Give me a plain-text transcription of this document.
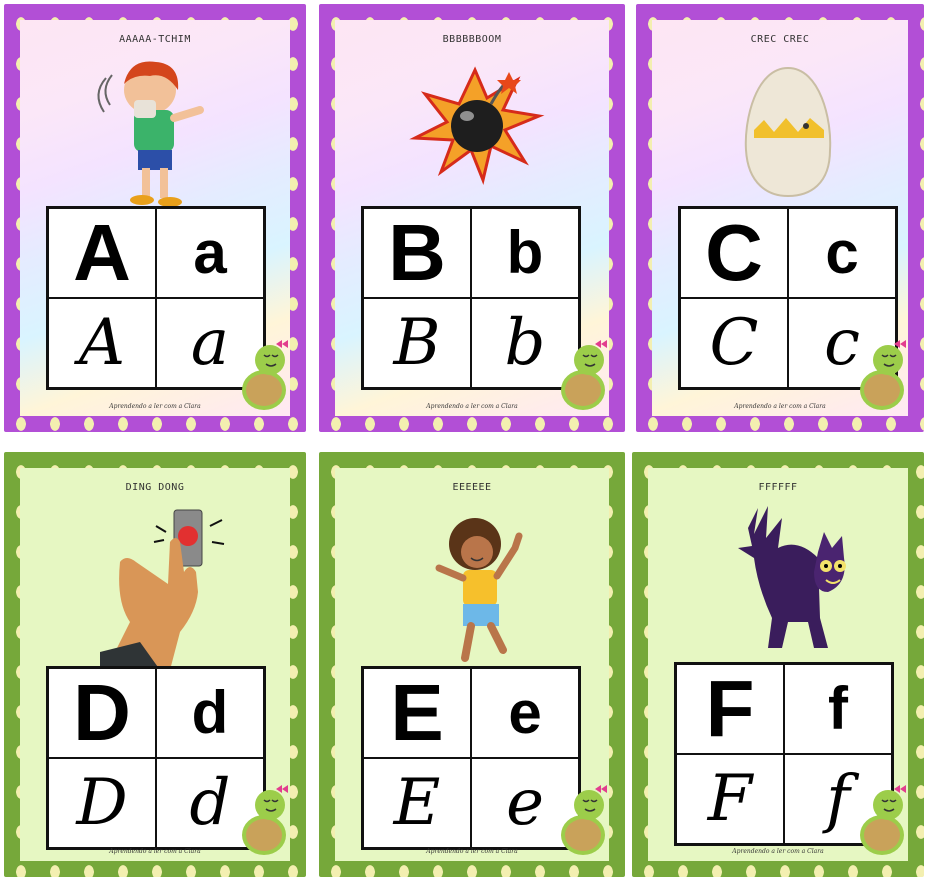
AAAAA-TCHIM
A a
A a
Aprendendo a ler com a Clara
BBBBBBOOM
B b
B b
Aprendendo a ler com a Clara
CREC CREC
C c
C c
Aprendendo a ler com a Clara
DING DONG
D d
D d
Aprendendo a ler com a Clara
EEEEEE
E e
E e
Aprendendo a ler com a Clara
FFFFFF
F f
F f
Aprendendo a ler com a Clara
